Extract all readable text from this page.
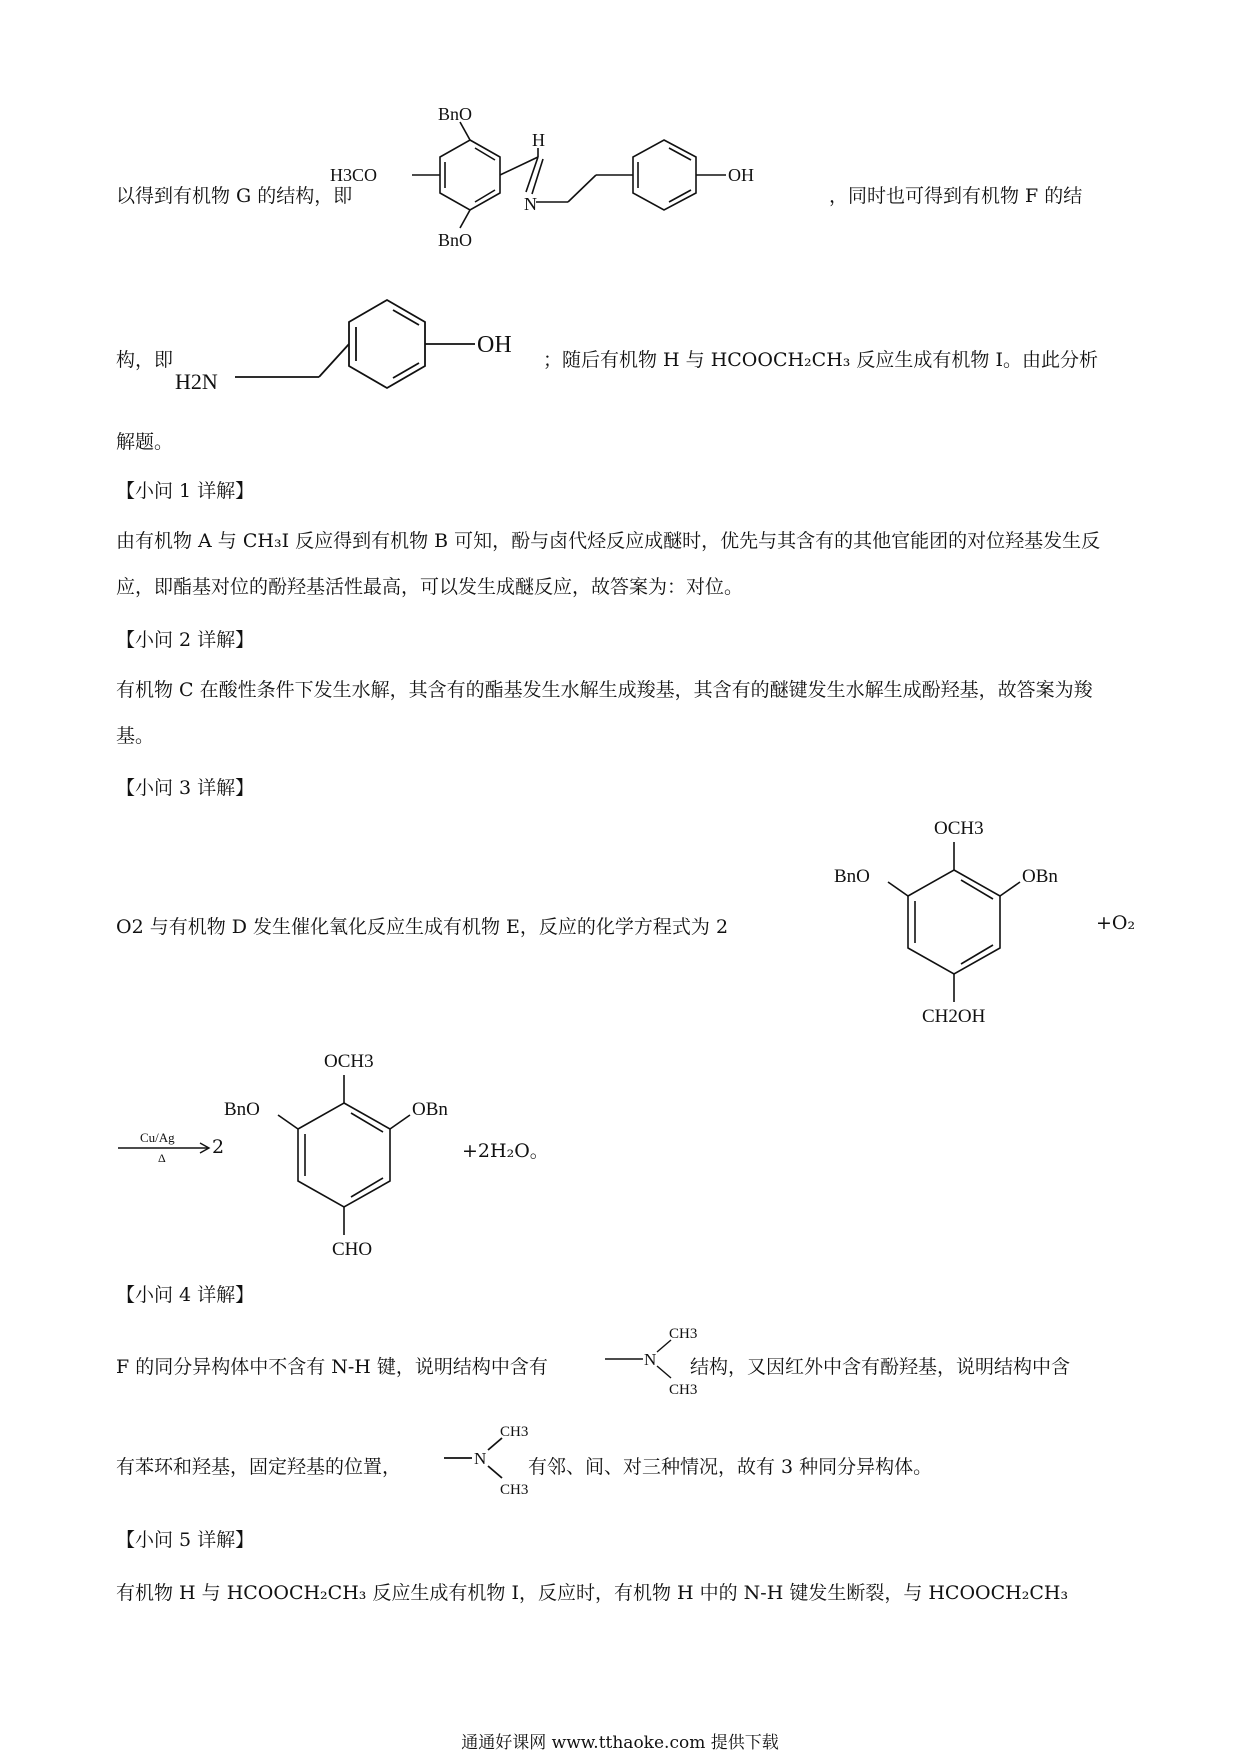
以得到有机物 G 的结构，即	，同时也可得到有机物 F 的结
BnO
BnO
H3CO
H
N
OH
构，即	；随后有机物 H 与 HCOOCH₂CH₃ 反应生成有机物 I。由此分析
解题。
OH
H2N
【小问 1 详解】
由有机物 A 与 CH₃I 反应得到有机物 B 可知，酚与卤代烃反应成醚时，优先与其含有的其他官能团的对位羟基发生反应，即酯基对位的酚羟基活性最高，可以发生成醚反应，故答案为：对位。
【小问 2 详解】
有机物 C 在酸性条件下发生水解，其含有的酯基发生水解生成羧基，其含有的醚键发生水解生成酚羟基，故答案为羧基。
【小问 3 详解】
O2 与有机物 D 发生催化氧化反应生成有机物 E，反应的化学方程式为 2	+O₂
OCH3
BnO	OBn
CH2OH
Cu/Ag
Δ 2
OCH3
BnO	OBn
CHO
+2H₂O。
【小问 4 详解】
F 的同分异构体中不含有 N-H 键，说明结构中含有	N
CH3
CH3
结构，又因红外中含有酚羟基，说明结构中含
有苯环和羟基，固定羟基的位置，	N
CH3
CH3
有邻、间、对三种情况，故有 3 种同分异构体。
【小问 5 详解】
有机物 H 与 HCOOCH₂CH₃ 反应生成有机物 I，反应时，有机物 H 中的 N-H 键发生断裂，与 HCOOCH₂CH₃
通通好课网 www.tthaoke.com 提供下载
